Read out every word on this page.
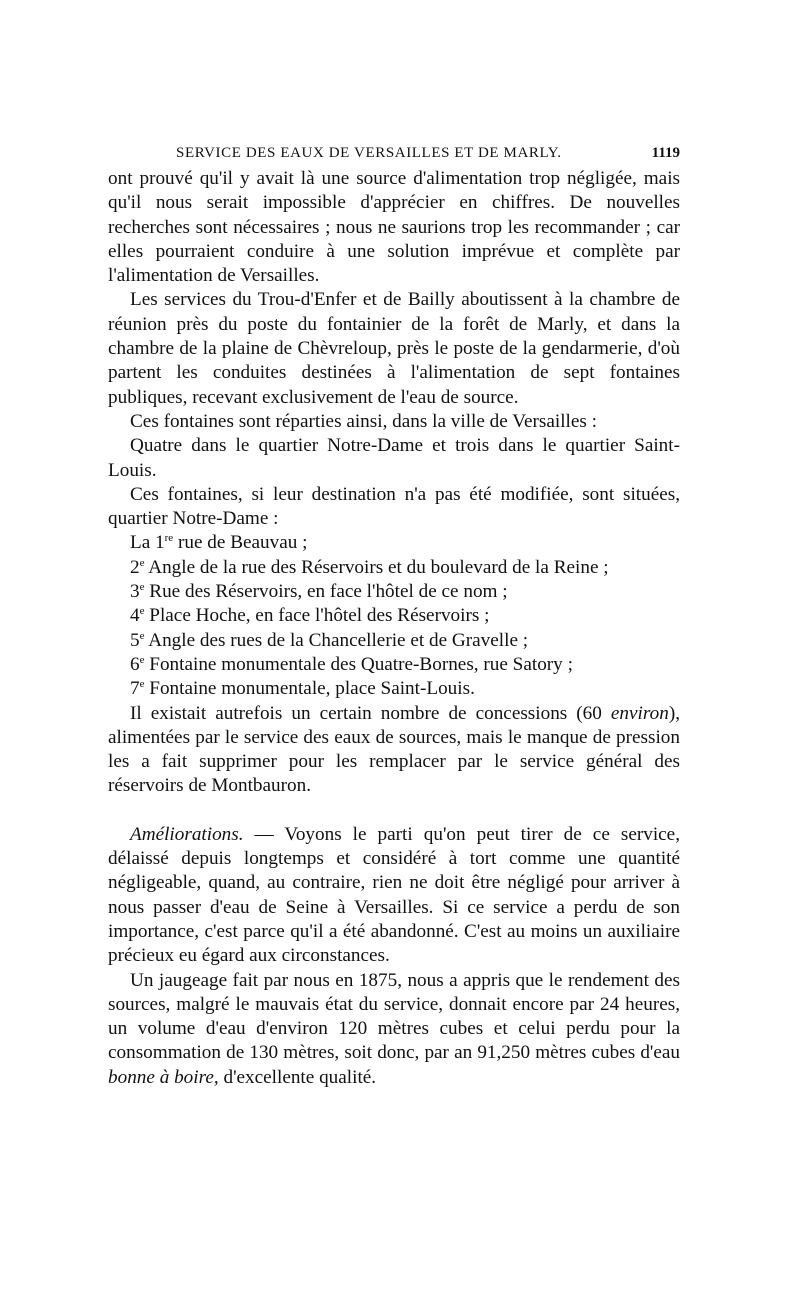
SERVICE DES EAUX DE VERSAILLES ET DE MARLY.	1119

ont prouvé qu'il y avait là une source d'alimentation trop négligée, mais qu'il nous serait impossible d'apprécier en chiffres. De nouvelles recherches sont nécessaires ; nous ne saurions trop les recommander ; car elles pourraient conduire à une solution imprévue et complète par l'alimentation de Versailles.

Les services du Trou-d'Enfer et de Bailly aboutissent à la chambre de réunion près du poste du fontainier de la forêt de Marly, et dans la chambre de la plaine de Chèvreloup, près le poste de la gendarmerie, d'où partent les conduites destinées à l'alimentation de sept fontaines publiques, recevant exclusivement de l'eau de source.

Ces fontaines sont réparties ainsi, dans la ville de Versailles :

Quatre dans le quartier Notre-Dame et trois dans le quartier Saint-Louis.

Ces fontaines, si leur destination n'a pas été modifiée, sont situées, quartier Notre-Dame :

La 1re rue de Beauvau ;

2e Angle de la rue des Réservoirs et du boulevard de la Reine ;

3e Rue des Réservoirs, en face l'hôtel de ce nom ;

4e Place Hoche, en face l'hôtel des Réservoirs ;

5e Angle des rues de la Chancellerie et de Gravelle ;

6e Fontaine monumentale des Quatre-Bornes, rue Satory ;

7e Fontaine monumentale, place Saint-Louis.

Il existait autrefois un certain nombre de concessions (60 environ), alimentées par le service des eaux de sources, mais le manque de pression les a fait supprimer pour les remplacer par le service général des réservoirs de Montbauron.

Améliorations. — Voyons le parti qu'on peut tirer de ce service, délaissé depuis longtemps et considéré à tort comme une quantité négligeable, quand, au contraire, rien ne doit être négligé pour arriver à nous passer d'eau de Seine à Versailles. Si ce service a perdu de son importance, c'est parce qu'il a été abandonné. C'est au moins un auxiliaire précieux eu égard aux circonstances.

Un jaugeage fait par nous en 1875, nous a appris que le rendement des sources, malgré le mauvais état du service, donnait encore par 24 heures, un volume d'eau d'environ 120 mètres cubes et celui perdu pour la consommation de 130 mètres, soit donc, par an 91,250 mètres cubes d'eau bonne à boire, d'excellente qualité.
